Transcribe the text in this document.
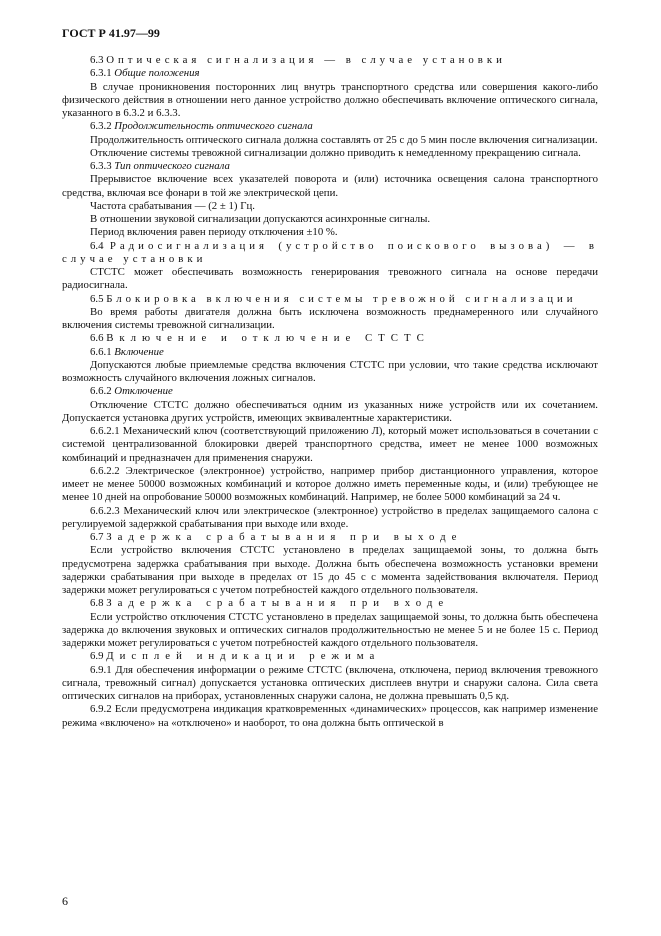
ГОСТ Р 41.97—99

6.3 Оптическая сигнализация — в случае установки

6.3.1 Общие положения

В случае проникновения посторонних лиц внутрь транспортного средства или совершения какого-либо физического действия в отношении него данное устройство должно обеспечивать включение оптического сигнала, указанного в 6.3.2 и 6.3.3.

6.3.2 Продолжительность оптического сигнала

Продолжительность оптического сигнала должна составлять от 25 с до 5 мин после включения сигнализации.

Отключение системы тревожной сигнализации должно приводить к немедленному прекращению сигнала.

6.3.3 Тип оптического сигнала

Прерывистое включение всех указателей поворота и (или) источника освещения салона транспортного средства, включая все фонари в той же электрической цепи.

Частота срабатывания — (2 ± 1) Гц.

В отношении звуковой сигнализации допускаются асинхронные сигналы.

Период включения равен периоду отключения ±10 %.

6.4 Радиосигнализация (устройство поискового вызова) — в случае установки

СТСТС может обеспечивать возможность генерирования тревожного сигнала на основе передачи радиосигнала.

6.5 Блокировка включения системы тревожной сигнализации

Во время работы двигателя должна быть исключена возможность преднамеренного или случайного включения системы тревожной сигнализации.

6.6 Включение и отключение СТСТС

6.6.1 Включение

Допускаются любые приемлемые средства включения СТСТС при условии, что такие средства исключают возможность случайного включения ложных сигналов.

6.6.2 Отключение

Отключение СТСТС должно обеспечиваться одним из указанных ниже устройств или их сочетанием. Допускается установка других устройств, имеющих эквивалентные характеристики.

6.6.2.1 Механический ключ (соответствующий приложению Л), который может использоваться в сочетании с системой централизованной блокировки дверей транспортного средства, имеет не менее 1000 возможных комбинаций и предназначен для применения снаружи.

6.6.2.2 Электрическое (электронное) устройство, например прибор дистанционного управления, которое имеет не менее 50000 возможных комбинаций и которое должно иметь переменные коды, и (или) требующее не менее 10 дней на опробование 50000 возможных комбинаций. Например, не более 5000 комбинаций за 24 ч.

6.6.2.3 Механический ключ или электрическое (электронное) устройство в пределах защищаемого салона с регулируемой задержкой срабатывания при выходе или входе.

6.7 Задержка срабатывания при выходе

Если устройство включения СТСТС установлено в пределах защищаемой зоны, то должна быть предусмотрена задержка срабатывания при выходе. Должна быть обеспечена возможность установки времени задержки срабатывания при выходе в пределах от 15 до 45 с с момента задействования включателя. Период задержки может регулироваться с учетом потребностей каждого отдельного пользователя.

6.8 Задержка срабатывания при входе

Если устройство отключения СТСТС установлено в пределах защищаемой зоны, то должна быть обеспечена задержка до включения звуковых и оптических сигналов продолжительностью не менее 5 и не более 15 с. Период задержки может регулироваться с учетом потребностей каждого отдельного пользователя.

6.9 Дисплей индикации режима

6.9.1 Для обеспечения информации о режиме СТСТС (включена, отключена, период включения тревожного сигнала, тревожный сигнал) допускается установка оптических дисплеев внутри и снаружи салона. Сила света оптических сигналов на приборах, установленных снаружи салона, не должна превышать 0,5 кд.

6.9.2 Если предусмотрена индикация кратковременных «динамических» процессов, как например изменение режима «включено» на «отключено» и наоборот, то она должна быть оптической в

6
